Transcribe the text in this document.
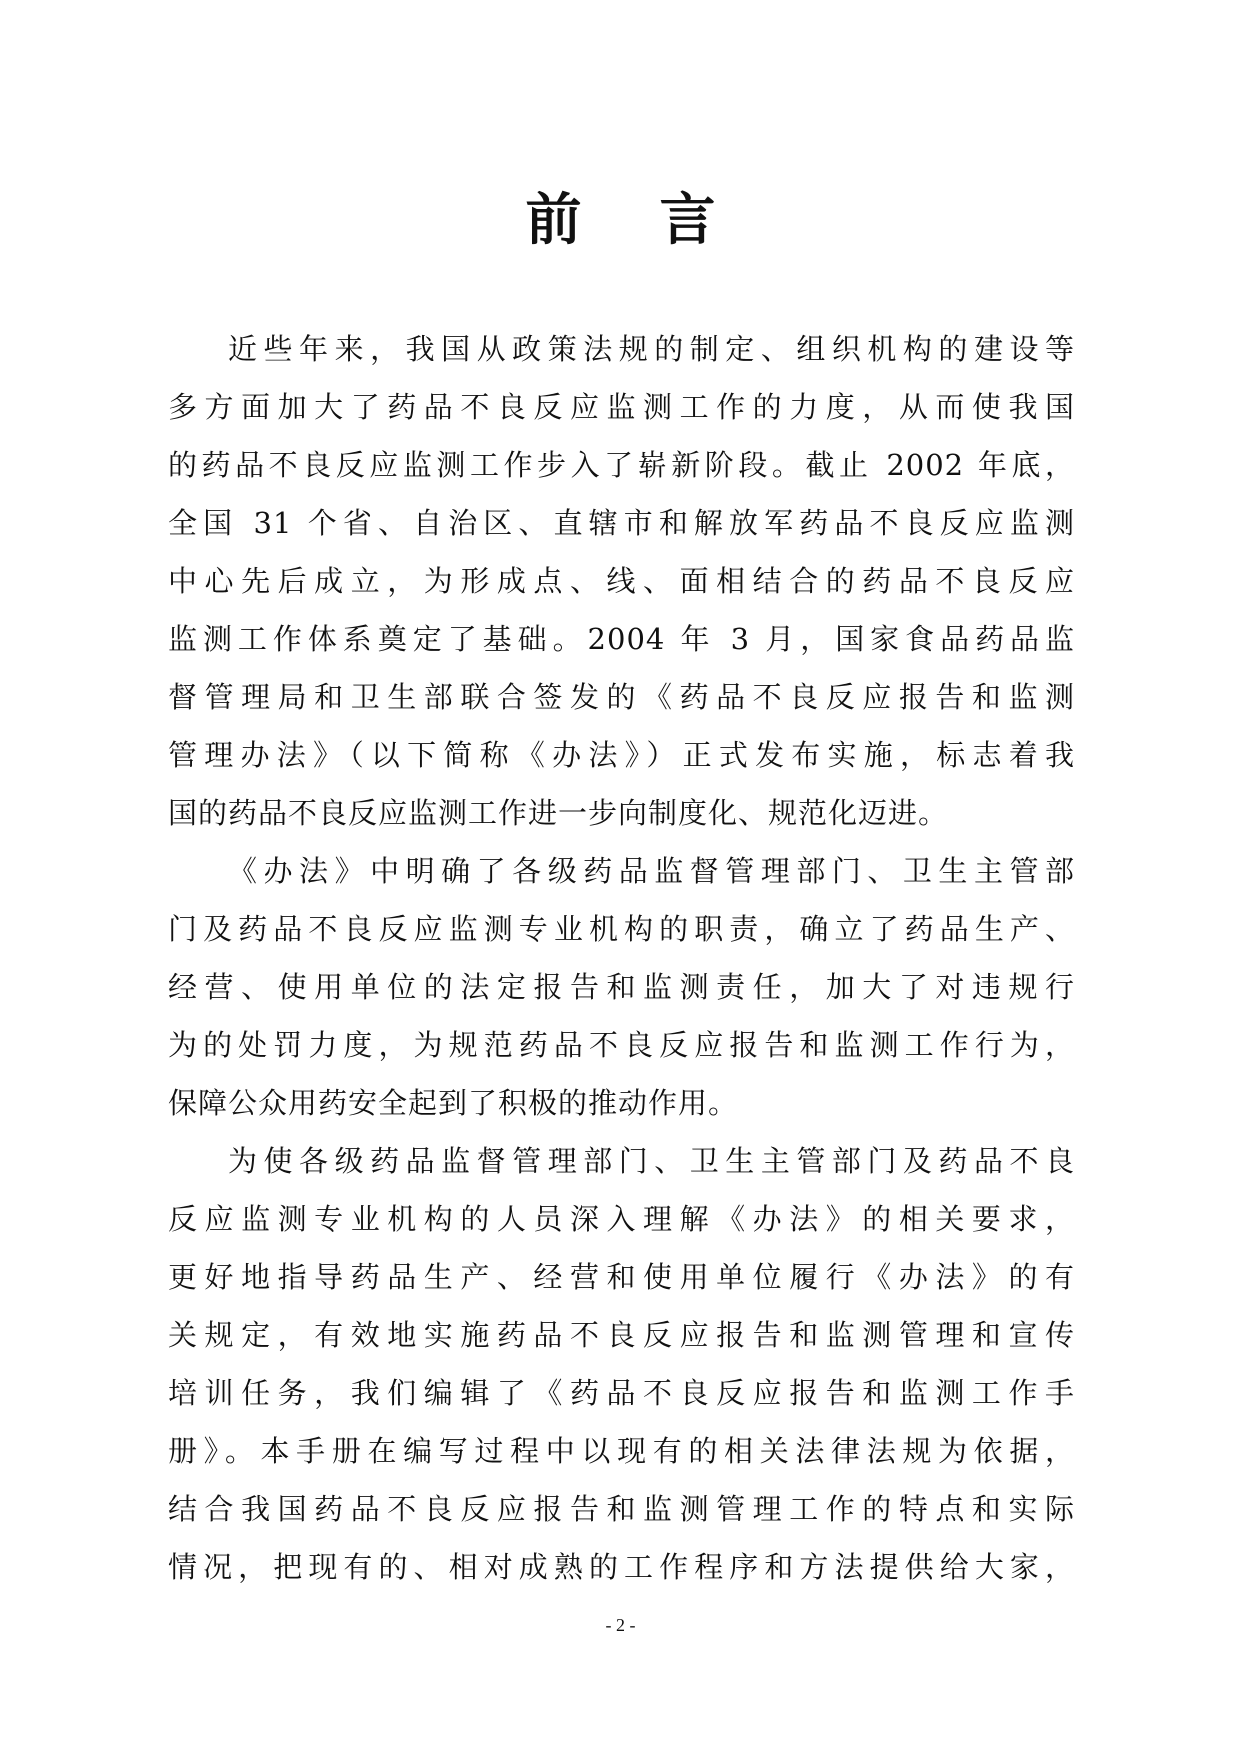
前 言
近些年来，我国从政策法规的制定、组织机构的建设等
多方面加大了药品不良反应监测工作的力度，从而使我国
的药品不良反应监测工作步入了崭新阶段。截止 2002 年底，
全国 31 个省、自治区、直辖市和解放军药品不良反应监测
中心先后成立，为形成点、线、面相结合的药品不良反应
监测工作体系奠定了基础。2004 年 3 月，国家食品药品监
督管理局和卫生部联合签发的《药品不良反应报告和监测
管理办法》（以下简称《办法》）正式发布实施，标志着我
国的药品不良反应监测工作进一步向制度化、规范化迈进。
《办法》中明确了各级药品监督管理部门、卫生主管部
门及药品不良反应监测专业机构的职责，确立了药品生产、
经营、使用单位的法定报告和监测责任，加大了对违规行
为的处罚力度，为规范药品不良反应报告和监测工作行为，
保障公众用药安全起到了积极的推动作用。
为使各级药品监督管理部门、卫生主管部门及药品不良
反应监测专业机构的人员深入理解《办法》的相关要求，
更好地指导药品生产、经营和使用单位履行《办法》的有
关规定，有效地实施药品不良反应报告和监测管理和宣传
培训任务，我们编辑了《药品不良反应报告和监测工作手
册》。本手册在编写过程中以现有的相关法律法规为依据，
结合我国药品不良反应报告和监测管理工作的特点和实际
情况，把现有的、相对成熟的工作程序和方法提供给大家，
- 2 -
